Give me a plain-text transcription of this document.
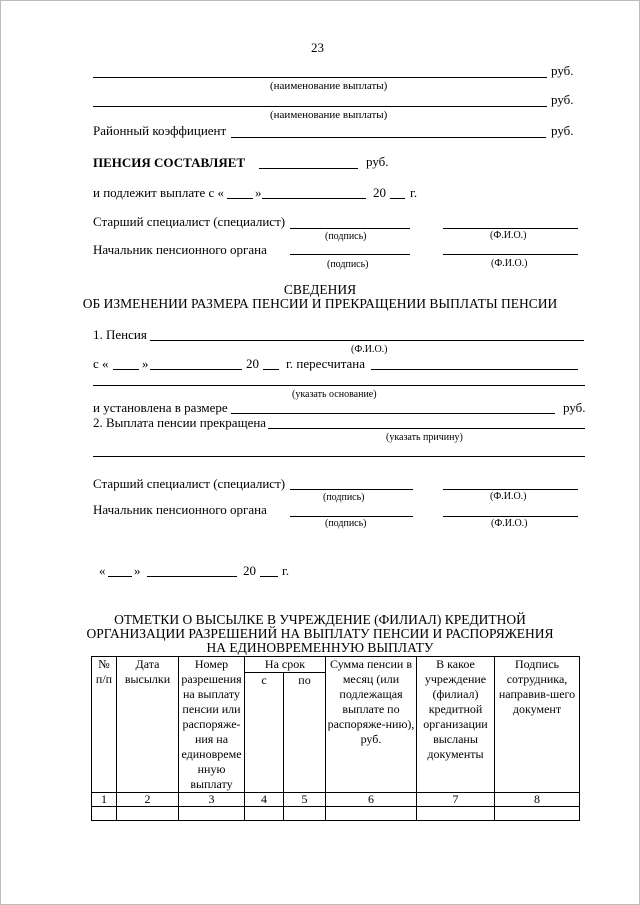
23
руб.
(наименование выплаты)
руб.
(наименование выплаты)
Районный коэффициент	руб.
ПЕНСИЯ СОСТАВЛЯЕТ	руб.
и подлежит выплате с « »	20 г.
Старший специалист (специалист)
(подпись)	(Ф.И.О.)
Начальник пенсионного органа
(подпись)	(Ф.И.О.)
СВЕДЕНИЯ
ОБ ИЗМЕНЕНИИ РАЗМЕРА ПЕНСИИ И ПРЕКРАЩЕНИИ ВЫПЛАТЫ ПЕНСИИ
1. Пенсия
(Ф.И.О.)
с «	»	20 г. пересчитана
(указать основание)
и установлена в размере	руб.
2. Выплата пенсии прекращена
(указать причину)
Старший специалист (специалист)
(подпись)	(Ф.И.О.)
Начальник пенсионного органа
(подпись)	(Ф.И.О.)
« »	20 г.
ОТМЕТКИ О ВЫСЫЛКЕ В УЧРЕЖДЕНИЕ (ФИЛИАЛ) КРЕДИТНОЙ
ОРГАНИЗАЦИИ РАЗРЕШЕНИЙ НА ВЫПЛАТУ ПЕНСИИ И РАСПОРЯЖЕНИЯ
НА ЕДИНОВРЕМЕННУЮ ВЫПЛАТУ
№ п/п	Дата высылки	Номер разрешения на выплату пенсии или распоряже-ния на единовреме нную выплату	На срок		Сумма пенсии в месяц (или подлежащая выплате по распоряже-нию), руб.	В какое учреждение (филиал) кредитной организации высланы документы	Подпись сотрудника, направив-шего документ
			с	по			
1	2	3	4	5	6	7	8
